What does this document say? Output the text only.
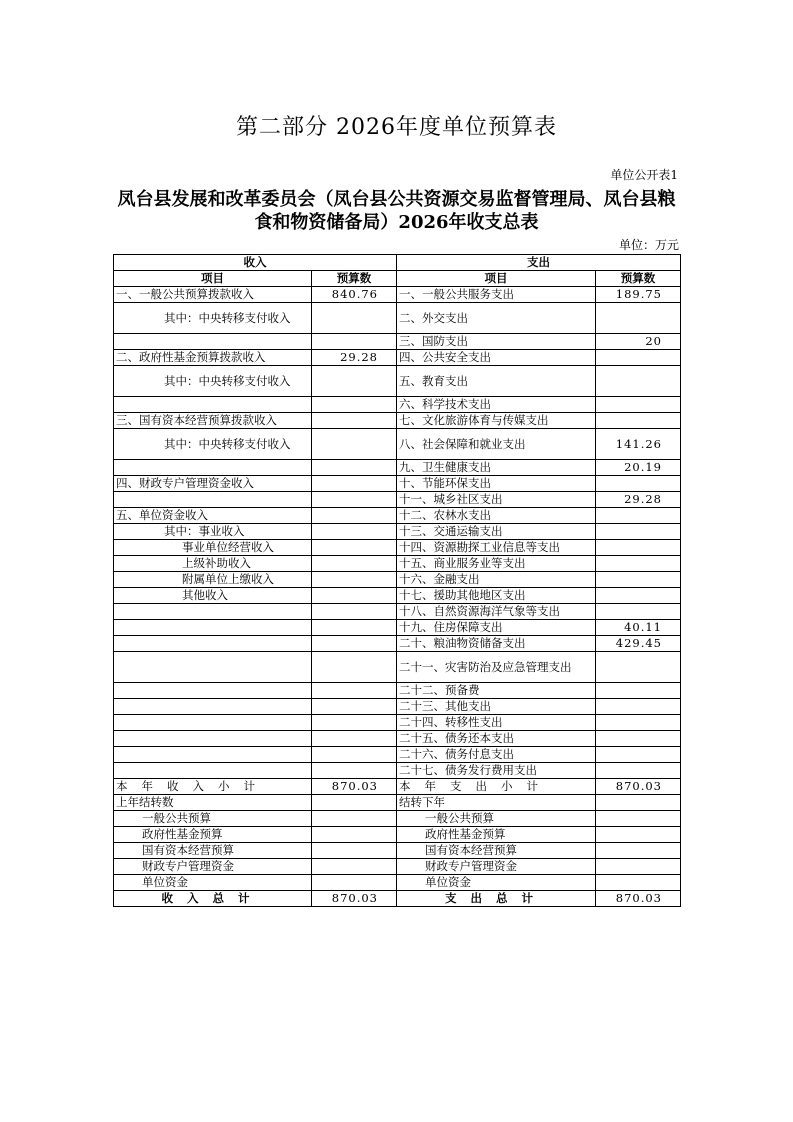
第二部分 2026年度单位预算表
单位公开表1
凤台县发展和改革委员会（凤台县公共资源交易监督管理局、凤台县粮食和物资储备局）2026年收支总表
单位：万元
收入		支出	
项目	预算数	项目	预算数
一、一般公共预算拨款收入	840.76	一、一般公共服务支出	189.75
其中：中央转移支付收入		二、外交支出	
		三、国防支出	20
二、政府性基金预算拨款收入	29.28	四、公共安全支出	
其中：中央转移支付收入		五、教育支出	
		六、科学技术支出	
三、国有资本经营预算拨款收入		七、文化旅游体育与传媒支出	
其中：中央转移支付收入		八、社会保障和就业支出	141.26
		九、卫生健康支出	20.19
四、财政专户管理资金收入		十、节能环保支出	
		十一、城乡社区支出	29.28
五、单位资金收入		十二、农林水支出	
其中：事业收入		十三、交通运输支出	
事业单位经营收入		十四、资源勘探工业信息等支出	
上级补助收入		十五、商业服务业等支出	
附属单位上缴收入		十六、金融支出	
其他收入		十七、援助其他地区支出	
		十八、自然资源海洋气象等支出	
		十九、住房保障支出	40.11
		二十、粮油物资储备支出	429.45
		二十一、灾害防治及应急管理支出	
		二十二、预备费	
		二十三、其他支出	
		二十四、转移性支出	
		二十五、债务还本支出	
		二十六、债务付息支出	
		二十七、债务发行费用支出	
本年收入小计	870.03	本年支出小计	870.03
上年结转数		结转下年	
一般公共预算		一般公共预算	
政府性基金预算		政府性基金预算	
国有资本经营预算		国有资本经营预算	
财政专户管理资金		财政专户管理资金	
单位资金		单位资金	
收入总计	870.03	支出总计	870.03
